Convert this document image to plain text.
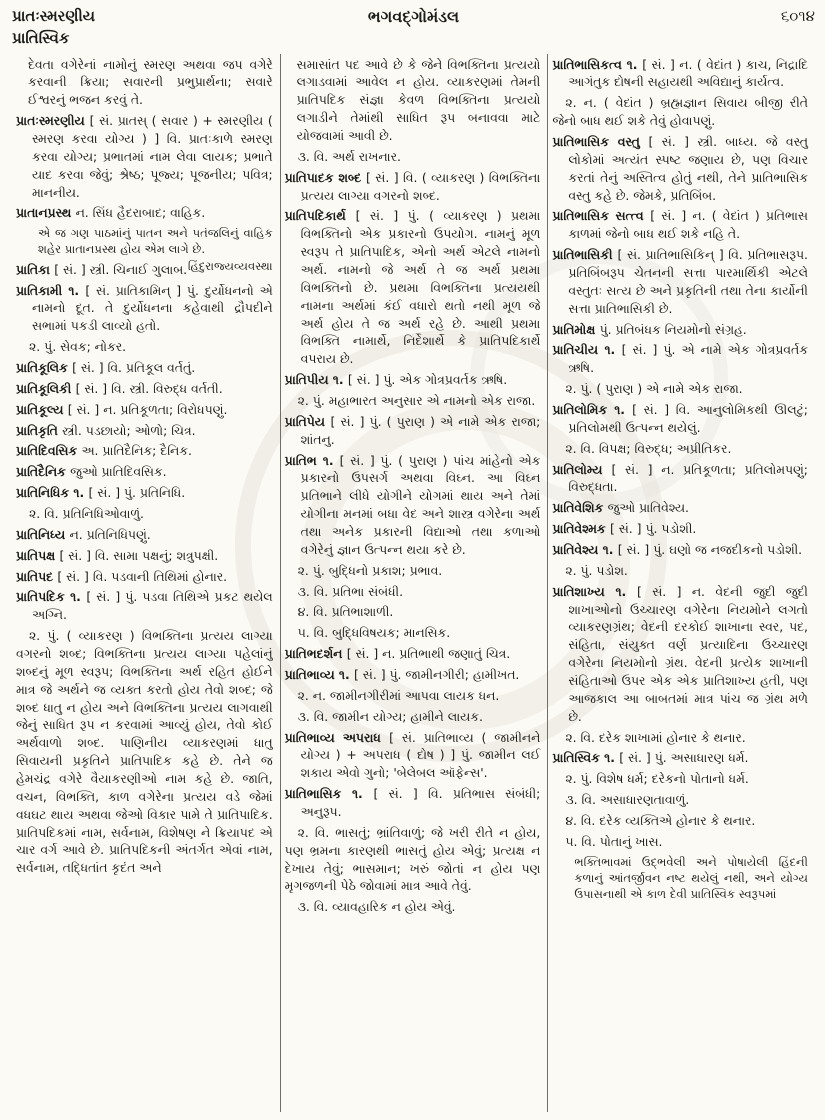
પ્રાતઃસ્મરણીય
પ્રાતિસ્વિક
ભગવદ્ગોમંડલ	૬૦૧૪

દેવતા વગેરેનાં નામોનું સ્મરણ અથવા જપ વગેરે કરવાની ક્રિયા; સવારની પ્રભુપ્રાર્થના; સવારે ઈશ્વરનું ભજન કરવું તે.

પ્રાતઃસ્મરણીય [ સં. પ્રાતસ્ ( સવાર ) + સ્મરણીય ( સ્મરણ કરવા યોગ્ય ) ] વિ. પ્રાતઃકાળે સ્મરણ કરવા યોગ્ય; પ્રભાતમાં નામ લેવા લાયક; પ્રભાતે યાદ કરવા જેવું; શ્રેષ્ઠ; પૂજ્ય; પૂજનીય; પવિત્ર; માનનીય.

પ્રાતાનપ્રસ્થ ન. સિંધ હૈદરાબાદ; વાહિક.

એ જ ગણ પાઠમાંનું પાતન અને પતંજલિનું વાહિક શહેર પ્રાતાનપ્રસ્થ હોય એમ લાગે છે.
હિંદુરાજ્યવ્યવસ્થા

પ્રાતિકા [ સં. ] સ્ત્રી. ચિનાઈ ગુલાબ.

પ્રાતિકામી ૧. [ સં. પ્રાતિકામિન્ ] પું. દુર્યોધનનો એ નામનો દૂત. તે દુર્યોધનના કહેવાથી દ્રૌપદીને સભામાં પકડી લાવ્યો હતો.

૨. પું. સેવક; નોકર.

પ્રાતિકૂલિક [ સં. ] વિ. પ્રતિકૂલ વર્તતું.

પ્રાતિકૂલિકી [ સં. ] વિ. સ્ત્રી. વિરુદ્ધ વર્તતી.

પ્રાતિકૂલ્ય [ સં. ] ન. પ્રતિકૂળતા; વિરોધપણું.

પ્રાતિકૃતિ સ્ત્રી. પડછાયો; ઓળો; ચિત્ર.

પ્રાતિદિવસિક અ. પ્રાતિદૈનિક; દૈનિક.

પ્રાતિદૈનિક જુઓ પ્રાતિદિવસિક.

પ્રાતિનિધિક ૧. [ સં. ] પું. પ્રતિનિધિ.

૨. વિ. પ્રતિનિધિઓવાળું.

પ્રાતિનિધ્ય ન. પ્રતિનિધિપણું.

પ્રાતિપક્ષ [ સં. ] વિ. સામા પક્ષનું; શત્રુપક્ષી.

પ્રાતિપદ [ સં. ] વિ. પડવાની તિથિમાં હોનાર.

પ્રાતિપદિક ૧. [ સં. ] પું. પડવા તિથિએ પ્રકટ થયેલ અગ્નિ.

૨. પું. ( વ્યાકરણ ) વિભક્તિના પ્રત્યય લાગ્યા વગરનો શબ્દ; વિભક્તિના પ્રત્યય લાગ્યા પહેલાંનું શબ્દનું મૂળ સ્વરૂપ; વિભક્તિના અર્થ રહિત હોઈને માત્ર જે અર્થને જ વ્યક્ત કરતો હોય તેવો શબ્દ; જે શબ્દ ધાતુ ન હોય અને વિભક્તિના પ્રત્યય લાગવાથી જેનું સાધિત રૂપ ન કરવામાં આવ્યું હોય, તેવો કોઈ અર્થવાળો શબ્દ. પાણિનીય વ્યાકરણમાં ધાતુ સિવાયની પ્રકૃતિને પ્રાતિપાદિક કહે છે. તેને જ હેમચંદ્ર વગેરે વૈયાકરણીઓ નામ કહે છે. જાતિ, વચન, વિભક્તિ, કાળ વગેરેના પ્રત્યય વડે જેમાં વધઘટ થાય અથવા જેઓ વિકાર પામે તે પ્રાતિપાદિક. પ્રાતિપદિકમાં નામ, સર્વનામ, વિશેષણ ને ક્રિયાપદ એ ચાર વર્ગ આવે છે. પ્રાતિપદિકની અંતર્ગત એવાં નામ, સર્વનામ, તદ્ધિતાંત કૃદંત અને

સમાસાંત પદ આવે છે કે જેને વિભક્તિના પ્રત્યયો લગાડવામાં આવેલ ન હોય. વ્યાકરણમાં તેમની પ્રાતિપદિક સંજ્ઞા કેવળ વિભક્તિના પ્રત્યયો લગાડીને તેમાંથી સાધિત રૂપ બનાવવા માટે યોજવામાં આવી છે.

૩. વિ. અર્થ રાખનાર.

પ્રાતિપાદક શબ્દ [ સં. ] વિ. ( વ્યાકરણ ) વિભક્તિના પ્રત્યય લાગ્યા વગરનો શબ્દ.

પ્રાતિપદિકાર્થ [ સં. ] પું. ( વ્યાકરણ ) પ્રથમા વિભક્તિનો એક પ્રકારનો ઉપયોગ. નામનું મૂળ સ્વરૂપ તે પ્રાતિપાદિક, એનો અર્થ એટલે નામનો અર્થ. નામનો જે અર્થ તે જ અર્થ પ્રથમા વિભક્તિનો છે. પ્રથમા વિભક્તિના પ્રત્યયથી નામના અર્થમાં કંઈ વધારો થતો નથી મૂળ જે અર્થ હોય તે જ અર્થ રહે છે. આથી પ્રથમા વિભક્તિ નામાર્થે, નિર્દેશાર્થે કે પ્રાતિપદિકાર્થે વપરાય છે.

પ્રાતિપીય ૧. [ સં. ] પું. એક ગોત્રપ્રવર્તક ઋષિ.

૨. પું. મહાભારત અનુસાર એ નામનો એક રાજા.

પ્રાતિપેય [ સં. ] પું. ( પુરાણ ) એ નામે એક રાજા; શાંતનુ.

પ્રાતિભ ૧. [ સં. ] પું. ( પુરાણ ) પાંચ માંહેનો એક પ્રકારનો ઉપસર્ગ અથવા વિઘ્ન. આ વિઘ્ન પ્રતિભાને લીધે યોગીને યોગમાં થાય અને તેમાં યોગીના મનમાં બધા વેદ અને શાસ્ત્ર વગેરેના અર્થ તથા અનેક પ્રકારની વિદ્યાઓ તથા કળાઓ વગેરેનું જ્ઞાન ઉત્પન્ન થયા કરે છે.

૨. પું. બુદ્ધિનો પ્રકાશ; પ્રભાવ.

૩. વિ. પ્રતિભા સંબંધી.

૪. વિ. પ્રતિભાશાળી.

૫. વિ. બુદ્ધિવિષયક; માનસિક.

પ્રાતિભદર્શન [ સં. ] ન. પ્રતિભાથી જણાતું ચિત્ર.

પ્રાતિભાવ્ય ૧. [ સં. ] પું. જામીનગીરી; હામીખત.

૨. ન. જામીનગીરીમાં આપવા લાયક ધન.

૩. વિ. જામીન યોગ્ય; હામીને લાયક.

પ્રાતિભાવ્ય અપરાધ [ સં. પ્રાતિભાવ્ય ( જામીનને યોગ્ય ) + અપરાધ ( દોષ ) ] પું. જામીન લઈ શકાય એવો ગુનો; 'બેલેબલ ઑફેન્સ'.

પ્રાતિભાસિક ૧. [ સં. ] વિ. પ્રતિભાસ સંબંધી; અનુરૂપ.

૨. વિ. ભાસતું; ભ્રાંતિવાળું; જે ખરી રીતે ન હોય, પણ ભ્રમના કારણથી ભાસતું હોય એવું; પ્રત્યક્ષ ન દેખાય તેવું; ભાસમાન; ખરું જોતાં ન હોય પણ મૃગજળની પેઠે જોવામાં માત્ર આવે તેવું.

૩. વિ. વ્યાવહારિક ન હોય એવું.

પ્રાતિભાસિકત્વ ૧. [ સં. ] ન. ( વેદાંત ) કાચ, નિદ્રાદિ આગંતુક દોષની સહાયથી અવિદ્યાનું કાર્યત્વ.

૨. ન. ( વેદાંત ) બ્રહ્મજ્ઞાન સિવાય બીજી રીતે જેનો બાધ થઈ શકે તેવું હોવાપણું.

પ્રાતિભાસિક વસ્તુ [ સં. ] સ્ત્રી. બાધ્ય. જે વસ્તુ લોકોમાં અત્યંત સ્પષ્ટ જણાય છે, પણ વિચાર કરતાં તેનું અસ્તિત્વ હોતું નથી, તેને પ્રાતિભાસિક વસ્તુ કહે છે. જેમકે, પ્રતિબિંબ.

પ્રાતિભાસિક સત્ત્વ [ સં. ] ન. ( વેદાંત ) પ્રતિભાસ કાળમાં જેનો બાધ થઈ શકે નહિ તે.

પ્રાતિભાસિકી [ સં. પ્રાતિભાસિકિન્ ] વિ. પ્રતિભાસરૂપ. પ્રતિબિંબરૂપ ચેતનની સત્તા પારમાર્થિકી એટલે વસ્તુતઃ સત્ય છે અને પ્રકૃતિની તથા તેના કાર્યોની સત્તા પ્રાતિભાસિકી છે.

પ્રાતિમોક્ષ પું. પ્રતિબંધક નિયમોનો સંગ્રહ.

પ્રાતિચીય ૧. [ સં. ] પું. એ નામે એક ગોત્રપ્રવર્તક ઋષિ.

૨. પું. ( પુરાણ ) એ નામે એક રાજા.

પ્રાતિલોમિક ૧. [ સં. ] વિ. આનુલોમિકથી ઊલટું; પ્રતિલોમથી ઉત્પન્ન થયેલું.

૨. વિ. વિપક્ષ; વિરુદ્ધ; અપ્રીતિકર.

પ્રાતિલોમ્ય [ સં. ] ન. પ્રતિકૂળતા; પ્રતિલોમપણું; વિરુદ્ધતા.

પ્રાતિવેશિક જુઓ પ્રાતિવેશ્ય.

પ્રાતિવેશ્મક [ સં. ] પું. પડોશી.

પ્રાતિવેશ્ય ૧. [ સં. ] પું. ઘણો જ નજદીકનો પડોશી.

૨. પું. પડોશ.

પ્રાતિશાખ્ય ૧. [ સં. ] ન. વેદની જુદી જુદી શાખાઓનો ઉચ્ચારણ વગેરેના નિયમોને લગતો વ્યાકરણગ્રંથ; વેદની દરકોઈ શાખાના સ્વર, પદ, સંહિતા, સંયુક્ત વર્ણ પ્રત્યાદિના ઉચ્ચારણ વગેરેના નિયમોનો ગ્રંથ. વેદની પ્રત્યેક શાખાની સંહિતાઓ ઉપર એક એક પ્રાતિશાખ્ય હતી, પણ આજકાલ આ બાબતમાં માત્ર પાંચ જ ગ્રંથ મળે છે.

૨. વિ. દરેક શાખામાં હોનાર કે થનાર.

પ્રાતિસ્વિક ૧. [ સં. ] પું. અસાધારણ ધર્મ.

૨. પું. વિશેષ ધર્મ; દરેકનો પોતાનો ધર્મ.

૩. વિ. અસાધારણતાવાળું.

૪. વિ. દરેક વ્યક્તિએ હોનાર કે થનાર.

૫. વિ. પોતાનું ખાસ.

ભક્તિભાવમાં ઉદ્ભવેલી અને પોષાયેલી હિંદની કળાનું આંતર્જીવન નષ્ટ થયેલું નથી, અને યોગ્ય ઉપાસનાથી એ કાળ દેવી પ્રાતિસ્વિક સ્વરૂપમાં
